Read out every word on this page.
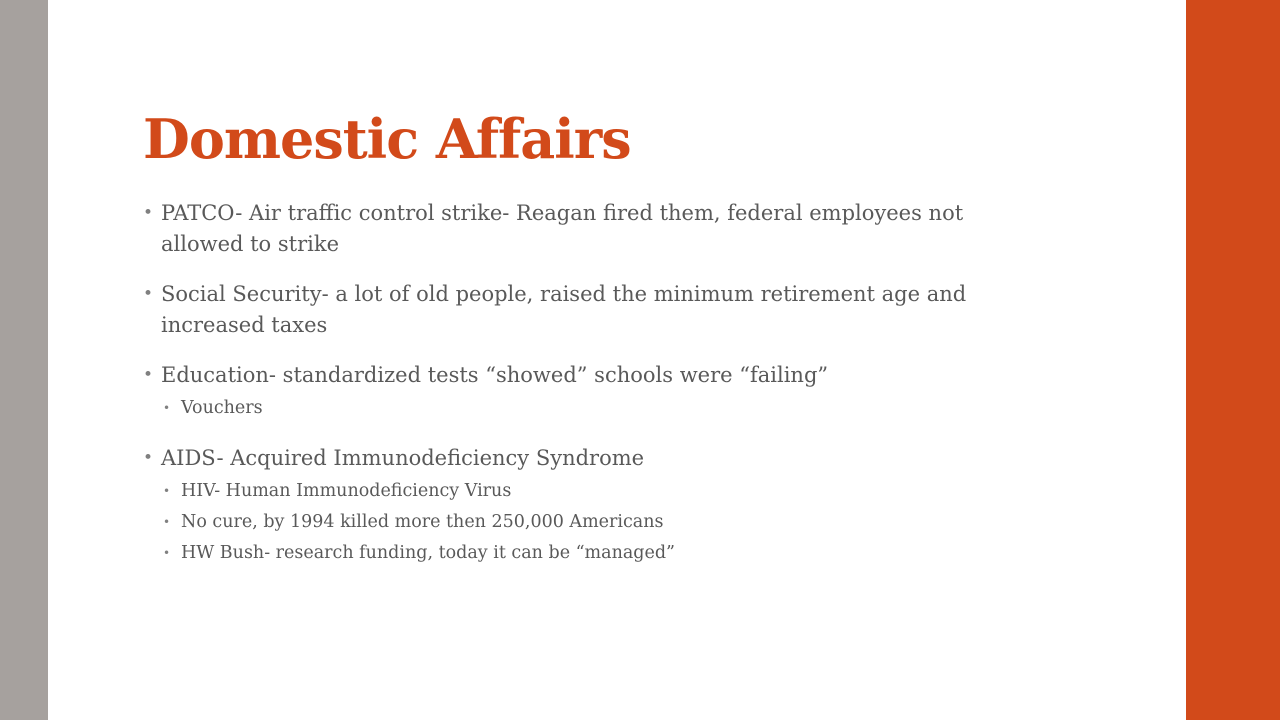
Domestic Affairs
• PATCO- Air traffic control strike- Reagan fired them, federal employees not allowed to strike
• Social Security- a lot of old people, raised the minimum retirement age and increased taxes
• Education- standardized tests “showed” schools were “failing”
• Vouchers
• AIDS- Acquired Immunodeficiency Syndrome
• HIV- Human Immunodeficiency Virus
• No cure, by 1994 killed more then 250,000 Americans
• HW Bush- research funding, today it can be “managed”
